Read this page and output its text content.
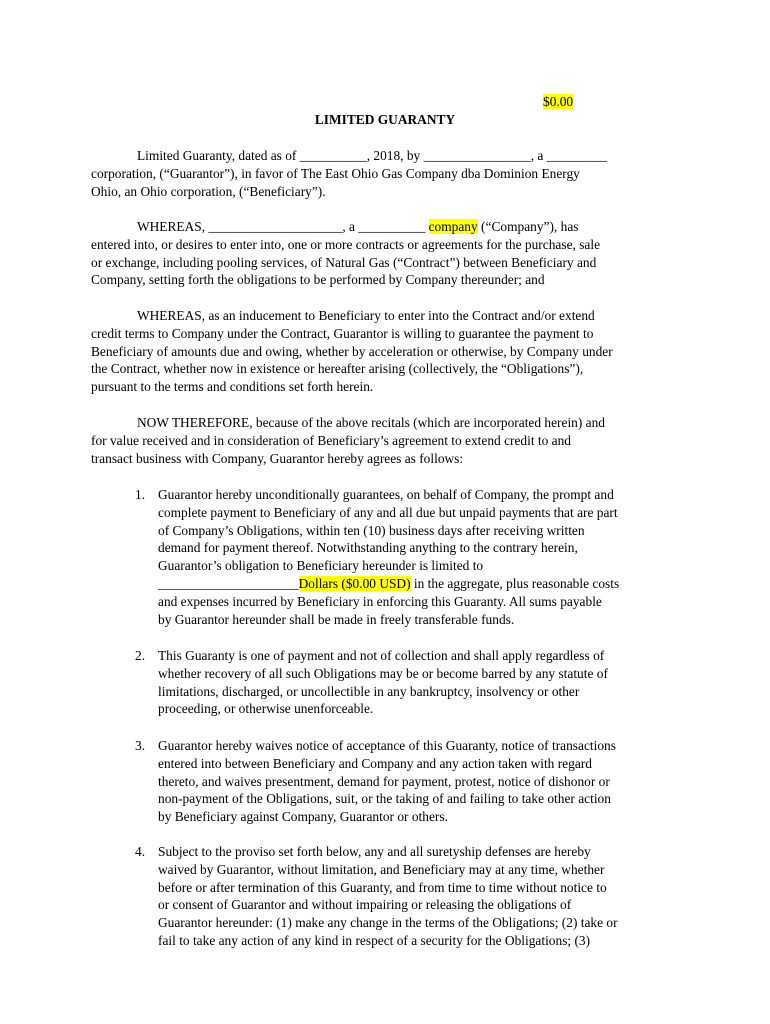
$0.00
LIMITED GUARANTY
Limited Guaranty, dated as of __________, 2018, by ________________, a _________
corporation, (“Guarantor”), in favor of The East Ohio Gas Company dba Dominion Energy
Ohio, an Ohio corporation, (“Beneficiary”).
WHEREAS, ____________________, a __________ company (“Company”), has
entered into, or desires to enter into, one or more contracts or agreements for the purchase, sale
or exchange, including pooling services, of Natural Gas (“Contract”) between Beneficiary and
Company, setting forth the obligations to be performed by Company thereunder; and
WHEREAS, as an inducement to Beneficiary to enter into the Contract and/or extend
credit terms to Company under the Contract, Guarantor is willing to guarantee the payment to
Beneficiary of amounts due and owing, whether by acceleration or otherwise, by Company under
the Contract, whether now in existence or hereafter arising (collectively, the “Obligations”),
pursuant to the terms and conditions set forth herein.
NOW THEREFORE, because of the above recitals (which are incorporated herein) and
for value received and in consideration of Beneficiary’s agreement to extend credit to and
transact business with Company, Guarantor hereby agrees as follows:
1. Guarantor hereby unconditionally guarantees, on behalf of Company, the prompt and
complete payment to Beneficiary of any and all due but unpaid payments that are part
of Company’s Obligations, within ten (10) business days after receiving written
demand for payment thereof. Notwithstanding anything to the contrary herein,
Guarantor’s obligation to Beneficiary hereunder is limited to
_____________________Dollars ($0.00 USD) in the aggregate, plus reasonable costs
and expenses incurred by Beneficiary in enforcing this Guaranty. All sums payable
by Guarantor hereunder shall be made in freely transferable funds.
2. This Guaranty is one of payment and not of collection and shall apply regardless of
whether recovery of all such Obligations may be or become barred by any statute of
limitations, discharged, or uncollectible in any bankruptcy, insolvency or other
proceeding, or otherwise unenforceable.
3. Guarantor hereby waives notice of acceptance of this Guaranty, notice of transactions
entered into between Beneficiary and Company and any action taken with regard
thereto, and waives presentment, demand for payment, protest, notice of dishonor or
non-payment of the Obligations, suit, or the taking of and failing to take other action
by Beneficiary against Company, Guarantor or others.
4. Subject to the proviso set forth below, any and all suretyship defenses are hereby
waived by Guarantor, without limitation, and Beneficiary may at any time, whether
before or after termination of this Guaranty, and from time to time without notice to
or consent of Guarantor and without impairing or releasing the obligations of
Guarantor hereunder: (1) make any change in the terms of the Obligations; (2) take or
fail to take any action of any kind in respect of a security for the Obligations; (3)
